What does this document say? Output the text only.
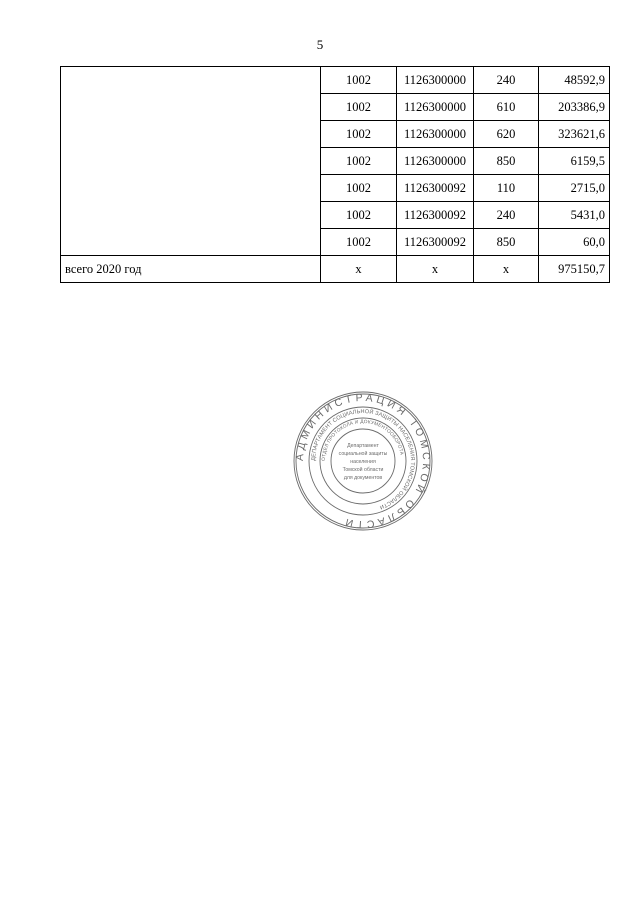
5
	1002	1126300000	240	48592,9
	1002	1126300000	610	203386,9
	1002	1126300000	620	323621,6
	1002	1126300000	850	6159,5
	1002	1126300092	110	2715,0
	1002	1126300092	240	5431,0
	1002	1126300092	850	60,0
всего 2020 год	х	х	х	975150,7
АДМИНИСТРАЦИЯ ТОМСКОЙ ОБЛАСТИ
ДЕПАРТАМЕНТ СОЦИАЛЬНОЙ ЗАЩИТЫ НАСЕЛЕНИЯ ТОМСКОЙ ОБЛАСТИ
ОТДЕЛ ПРОТОКОЛА И ДОКУМЕНТООБОРОТА
Департамент
социальной защиты
населения
Томской области
для документов
